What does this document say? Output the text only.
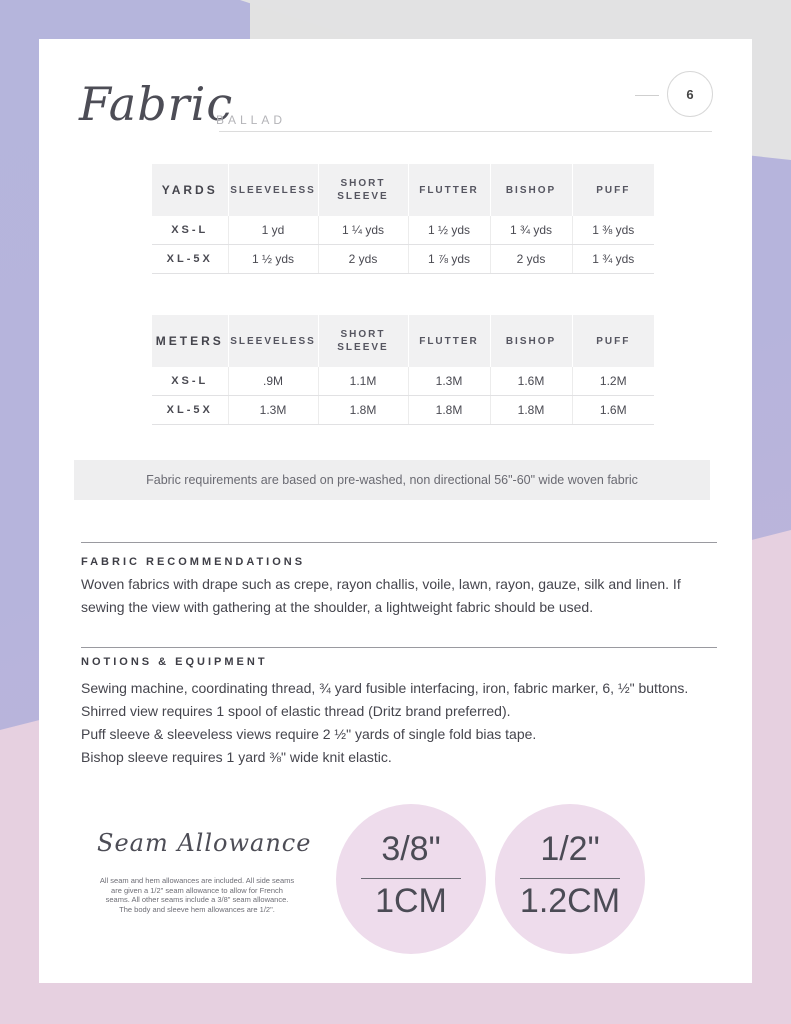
Fabric
BALLAD
6
YARDS	SLEEVELESS	SHORT SLEEVE	FLUTTER	BISHOP	PUFF
XS-L	1 yd	1 ¼ yds	1 ½ yds	1 ¾ yds	1 ⅜ yds
XL-5X	1 ½ yds	2 yds	1 ⅞ yds	2 yds	1 ¾ yds
METERS	SLEEVELESS	SHORT SLEEVE	FLUTTER	BISHOP	PUFF
XS-L	.9M	1.1M	1.3M	1.6M	1.2M
XL-5X	1.3M	1.8M	1.8M	1.8M	1.6M
Fabric requirements are based on pre-washed, non directional 56"-60" wide woven fabric
FABRIC RECOMMENDATIONS

Woven fabrics with drape such as crepe, rayon challis, voile, lawn, rayon, gauze, silk and linen. If sewing the view with gathering at the shoulder, a lightweight fabric should be used.

NOTIONS & EQUIPMENT

Sewing machine, coordinating thread, ¾ yard fusible interfacing, iron, fabric marker, 6, ½" buttons.

Shirred view requires 1 spool of elastic thread (Dritz brand preferred).

Puff sleeve & sleeveless views require 2 ½" yards of single fold bias tape.

Bishop sleeve requires 1 yard ⅜" wide knit elastic.

Seam Allowance
All seam and hem allowances are included. All side seams are given a 1/2" seam allowance to allow for French seams. All other seams include a 3/8" seam allowance. The body and sleeve hem allowances are 1/2".
3/8"
1CM
1/2"
1.2CM
